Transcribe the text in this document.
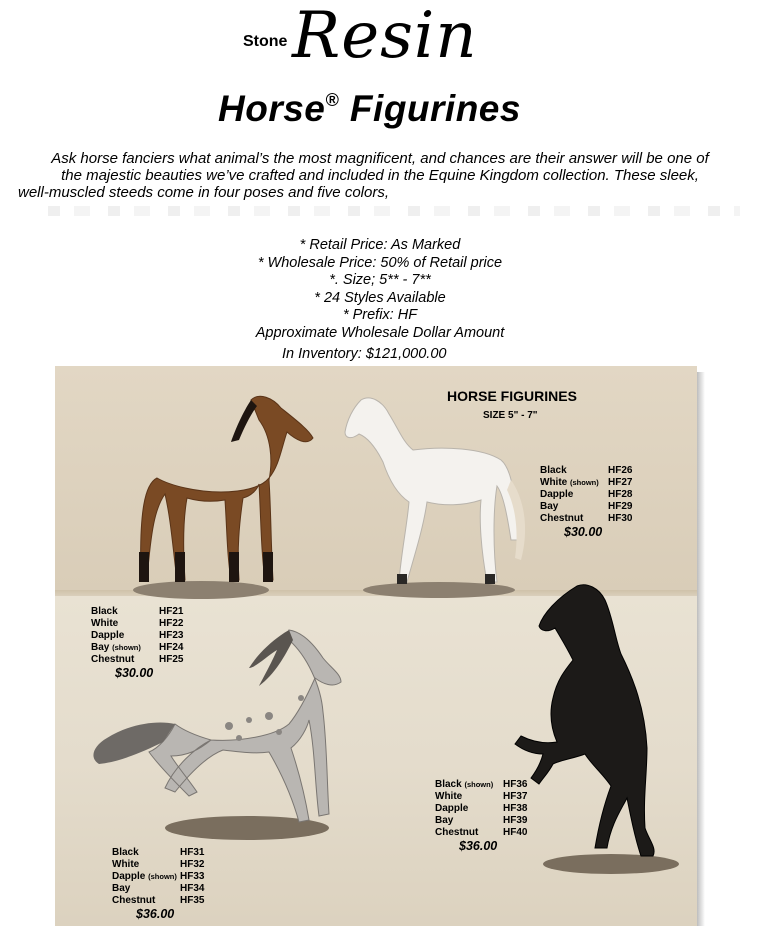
Stone Resin
Horse® Figurines
Ask horse fanciers what animal’s the most magnificent, and chances are their answer will be one of
the majestic beauties we’ve crafted and included in the Equine Kingdom collection. These sleek,
well-muscled steeds come in four poses and five colors,
* Retail Price: As Marked
* Wholesale Price: 50% of Retail price
*. Size; 5** - 7**
* 24 Styles Available
* Prefix: HF
Approximate Wholesale Dollar Amount
In Inventory: $121,000.00
HORSE FIGURINES
SIZE 5" - 7"
Black	HF26
White (shown) HF27
Dapple	HF28
Bay	HF29
Chestnut	HF30
$30.00
Black	HF21
White	HF22
Dapple	HF23
Bay (shown)	HF24
Chestnut	HF25
$30.00
Black (shown) HF36
White	HF37
Dapple	HF38
Bay	HF39
Chestnut	HF40
$36.00
Black	HF31
White	HF32
Dapple (shown) HF33
Bay	HF34
Chestnut	HF35
$36.00
